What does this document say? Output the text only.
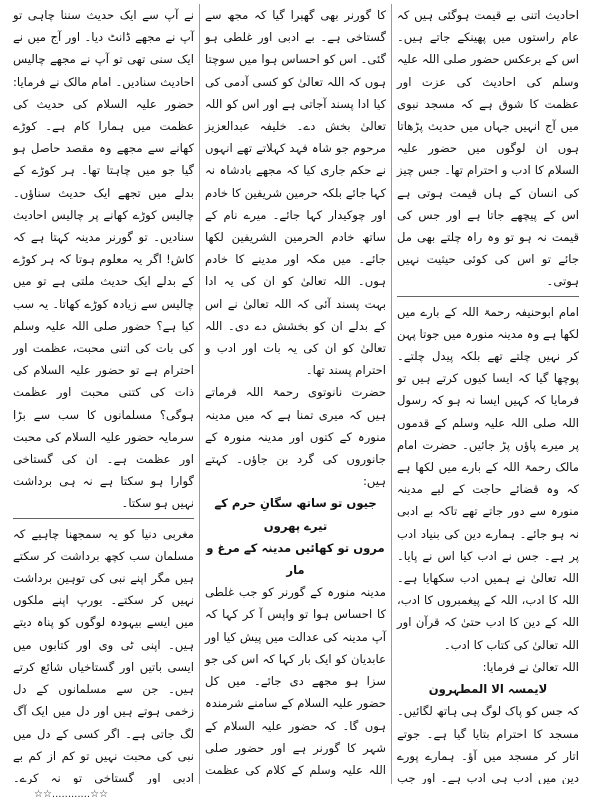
احادیث اتنی بے قیمت ہوگئی ہیں کہ عام راستوں میں پھینکے جاتے ہیں۔ اس کے برعکس حضور صلی اللہ علیہ وسلم کی احادیث کی عزت اور عظمت کا شوق ہے کہ مسجد نبوی میں آج انہیں جہاں میں حدیث پڑھاتا ہوں ان لوگوں میں حضور علیہ السلام کا ادب و احترام تھا۔ جس چیز کی انسان کے ہاں قیمت ہوتی ہے اس کے پیچھے جاتا ہے اور جس کی قیمت نہ ہو تو وہ راہ چلتے بھی مل جائے تو اس کی کوئی حیثیت نہیں ہوتی۔

امام ابوحنیفہ رحمۃ اللہ کے بارے میں لکھا ہے وہ مدینہ منورہ میں جوتا پہن کر نہیں چلتے تھے بلکہ پیدل چلتے۔ پوچھا گیا کہ ایسا کیوں کرتے ہیں تو فرمایا کہ کہیں ایسا نہ ہو کہ رسول اللہ صلی اللہ علیہ وسلم کے قدموں پر میرے پاؤں پڑ جائیں۔ حضرت امام مالک رحمۃ اللہ کے بارے میں لکھا ہے کہ وہ قضائے حاجت کے لیے مدینہ منورہ سے دور جاتے تھے تاکہ بے ادبی نہ ہو جائے۔ ہمارے دین کی بنیاد ادب پر ہے۔ جس نے ادب کیا اس نے پایا۔ اللہ تعالیٰ نے ہمیں ادب سکھایا ہے۔ اللہ کا ادب، اللہ کے پیغمبروں کا ادب، اللہ کے دین کا ادب حتیٰ کہ قرآن اور اللہ تعالیٰ کی کتاب کا ادب۔

اللہ تعالیٰ نے فرمایا:

لایمسہ الا المطہرون

کہ جس کو پاک لوگ ہی ہاتھ لگائیں۔ مسجد کا احترام بتایا گیا ہے۔ جوتے اتار کر مسجد میں آؤ۔ ہمارے پورے دین میں ادب ہی ادب ہے۔ اور جب

کا گورنر بھی گھبرا گیا کہ مجھ سے گستاخی ہے۔ بے ادبی اور غلطی ہو گئی۔ اس کو احساس ہوا میں سوچتا ہوں کہ اللہ تعالیٰ کو کسی آدمی کی کیا ادا پسند آجاتی ہے اور اس کو اللہ تعالیٰ بخش دے۔ خلیفہ عبدالعزیز مرحوم جو شاہ فہد کہلاتے تھے انہوں نے حکم جاری کیا کہ مجھے بادشاہ نہ کہا جائے بلکہ حرمین شریفین کا خادم اور چوکیدار کہا جائے۔ میرے نام کے ساتھ خادم الحرمین الشریفین لکھا جائے۔ میں مکہ اور مدینے کا خادم ہوں۔ اللہ تعالیٰ کو ان کی یہ ادا بہت پسند آئی کہ اللہ تعالیٰ نے اس کے بدلے ان کو بخشش دے دی۔ اللہ تعالیٰ کو ان کی یہ بات اور ادب و احترام پسند تھا۔

حضرت نانوتوی رحمۃ اللہ فرماتے ہیں کہ میری تمنا ہے کہ میں مدینہ منورہ کے کتوں اور مدینہ منورہ کے جانوروں کی گرد بن جاؤں۔ کہتے ہیں:

جیوں تو ساتھ سگانِ حرم کے تیرے پھروں

مروں تو کھائیں مدینہ کے مرغ و مار

مدینہ منورہ کے گورنر کو جب غلطی کا احساس ہوا تو واپس آ کر کہا کہ آپ مدینہ کی عدالت میں پیش کیا اور عابدیان کو ایک بار کہا کہ اس کی جو سزا ہو مجھے دی جائے۔ میں کل حضور علیہ السلام کے سامنے شرمندہ ہوں گا۔ کہ حضور علیہ السلام کے شہر کا گورنر ہے اور حضور صلی اللہ علیہ وسلم کے کلام کی عظمت

نے آپ سے ایک حدیث سننا چاہی تو آپ نے مجھے ڈانٹ دیا۔ اور آج میں نے ایک سنی تھی تو آپ نے مجھے چالیس احادیث سنادیں۔ امام مالک نے فرمایا: حضور علیہ السلام کی حدیث کی عظمت میں ہمارا کام ہے۔ کوڑے کھانے سے مجھے وہ مقصد حاصل ہو گیا جو میں چاہتا تھا۔ ہر کوڑے کے بدلے میں تجھے ایک حدیث سناؤں۔ چالیس کوڑے کھانے پر چالیس احادیث سنادیں۔ تو گورنر مدینہ کہتا ہے کہ کاش! اگر یہ معلوم ہوتا کہ ہر کوڑے کے بدلے ایک حدیث ملتی ہے تو میں چالیس سے زیادہ کوڑے کھاتا۔ یہ سب کیا ہے؟ حضور صلی اللہ علیہ وسلم کی بات کی اتنی محبت، عظمت اور احترام ہے تو حضور علیہ السلام کی ذات کی کتنی محبت اور عظمت ہوگی؟ مسلمانوں کا سب سے بڑا سرمایہ حضور علیہ السلام کی محبت اور عظمت ہے۔ ان کی گستاخی گوارا ہو سکتا ہے نہ ہی برداشت نہیں ہو سکتا۔

مغربی دنیا کو یہ سمجھنا چاہیے کہ مسلمان سب کچھ برداشت کر سکتے ہیں مگر اپنے نبی کی توہین برداشت نہیں کر سکتے۔ یورپ اپنے ملکوں میں ایسے بیہودہ لوگوں کو پناہ دیتے ہیں۔ اپنی ٹی وی اور کتابوں میں ایسی باتیں اور گستاخیاں شائع کرتے ہیں۔ جن سے مسلمانوں کے دل زخمی ہوتے ہیں اور دل میں ایک آگ لگ جاتی ہے۔ اگر کسی کے دل میں نبی کی محبت نہیں تو کم از کم بے ادبی اور گستاخی تو نہ کرے۔

☆☆............☆☆
